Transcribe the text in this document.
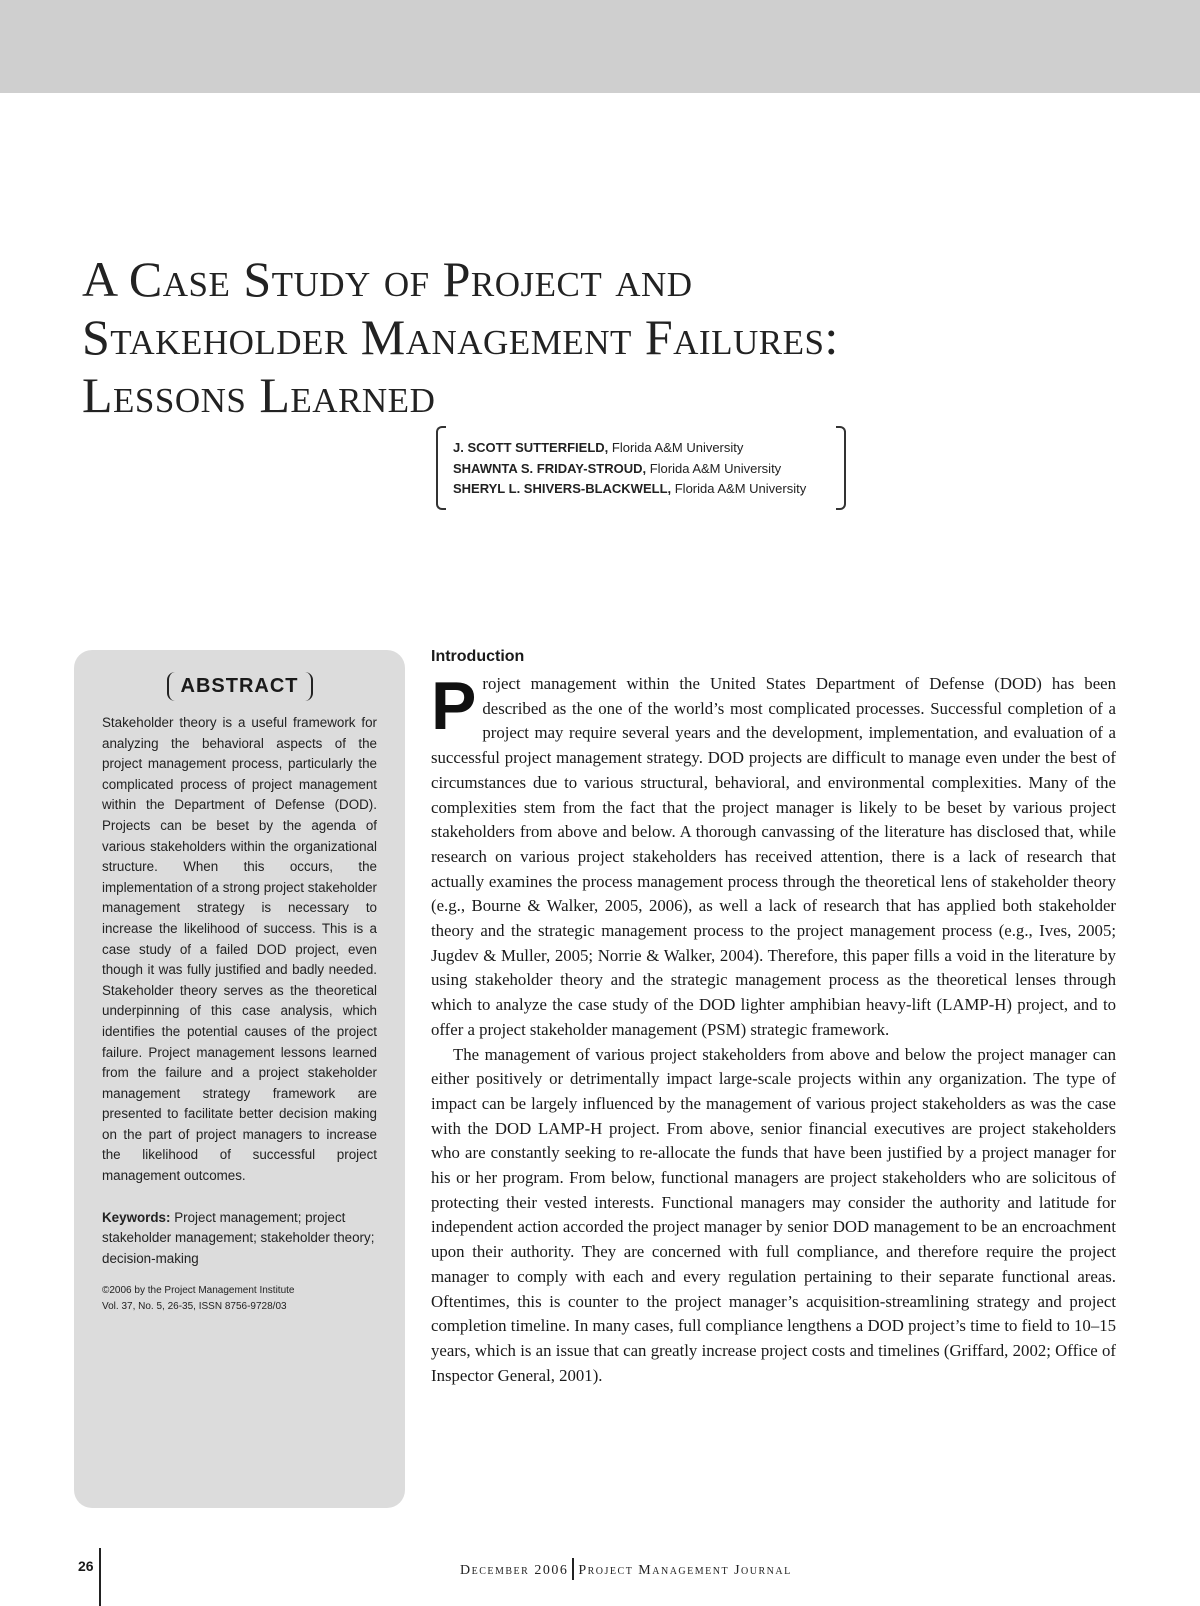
A Case Study of Project and
Stakeholder Management Failures:
Lessons Learned
J. SCOTT SUTTERFIELD, Florida A&M University
SHAWNTA S. FRIDAY-STROUD, Florida A&M University
SHERYL L. SHIVERS-BLACKWELL, Florida A&M University
ABSTRACT

Stakeholder theory is a useful framework for analyzing the behavioral aspects of the project management process, particularly the complicated process of project management within the Department of Defense (DOD). Projects can be beset by the agenda of various stakeholders within the organizational structure. When this occurs, the implementation of a strong project stakeholder management strategy is necessary to increase the likelihood of success. This is a case study of a failed DOD project, even though it was fully justified and badly needed. Stakeholder theory serves as the theoretical underpinning of this case analysis, which identifies the potential causes of the project failure. Project management lessons learned from the failure and a project stakeholder management strategy framework are presented to facilitate better decision making on the part of project managers to increase the likelihood of successful project management outcomes.

Keywords: Project management; project stakeholder management; stakeholder theory; decision-making

©2006 by the Project Management Institute
Vol. 37, No. 5, 26-35, ISSN 8756-9728/03

Introduction

Project management within the United States Department of Defense (DOD) has been described as the one of the world’s most complicated processes. Successful completion of a project may require several years and the development, implementation, and evaluation of a successful project management strategy. DOD projects are difficult to manage even under the best of circumstances due to various structural, behavioral, and environmental complexities. Many of the complexities stem from the fact that the project manager is likely to be beset by various project stakeholders from above and below. A thorough canvassing of the literature has disclosed that, while research on various project stakeholders has received attention, there is a lack of research that actually examines the process management process through the theoretical lens of stakeholder theory (e.g., Bourne & Walker, 2005, 2006), as well a lack of research that has applied both stakeholder theory and the strategic management process to the project management process (e.g., Ives, 2005; Jugdev & Muller, 2005; Norrie & Walker, 2004). Therefore, this paper fills a void in the literature by using stakeholder theory and the strategic management process as the theoretical lenses through which to analyze the case study of the DOD lighter amphibian heavy-lift (LAMP-H) project, and to offer a project stakeholder management (PSM) strategic framework.

The management of various project stakeholders from above and below the project manager can either positively or detrimentally impact large-scale projects within any organization. The type of impact can be largely influenced by the management of various project stakeholders as was the case with the DOD LAMP-H project. From above, senior financial executives are project stakeholders who are constantly seeking to re-allocate the funds that have been justified by a project manager for his or her program. From below, functional managers are project stakeholders who are solicitous of protecting their vested interests. Functional managers may consider the authority and latitude for independent action accorded the project manager by senior DOD management to be an encroachment upon their authority. They are concerned with full compliance, and therefore require the project manager to comply with each and every regulation pertaining to their separate functional areas. Oftentimes, this is counter to the project manager’s acquisition-streamlining strategy and project completion timeline. In many cases, full compliance lengthens a DOD project’s time to field to 10–15 years, which is an issue that can greatly increase project costs and timelines (Griffard, 2002; Office of Inspector General, 2001).

26	December 2006 Project Management Journal
